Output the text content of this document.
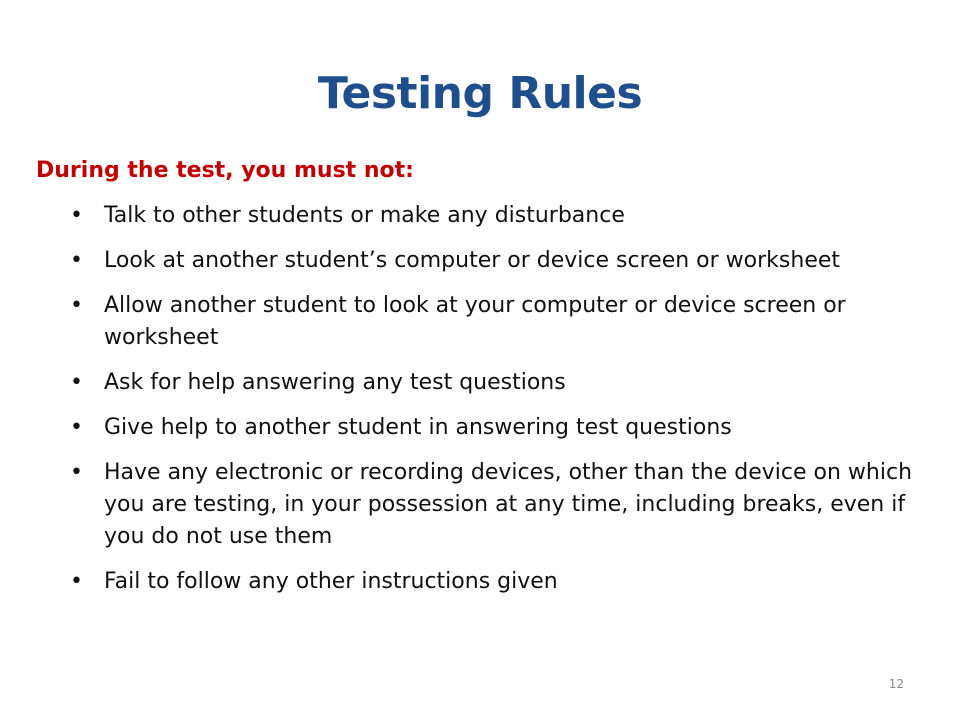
Testing Rules
During the test, you must not:
• Talk to other students or make any disturbance
• Look at another student’s computer or device screen or worksheet
• Allow another student to look at your computer or device screen or worksheet
• Ask for help answering any test questions
• Give help to another student in answering test questions
• Have any electronic or recording devices, other than the device on which you are testing, in your possession at any time, including breaks, even if you do not use them
• Fail to follow any other instructions given
12
